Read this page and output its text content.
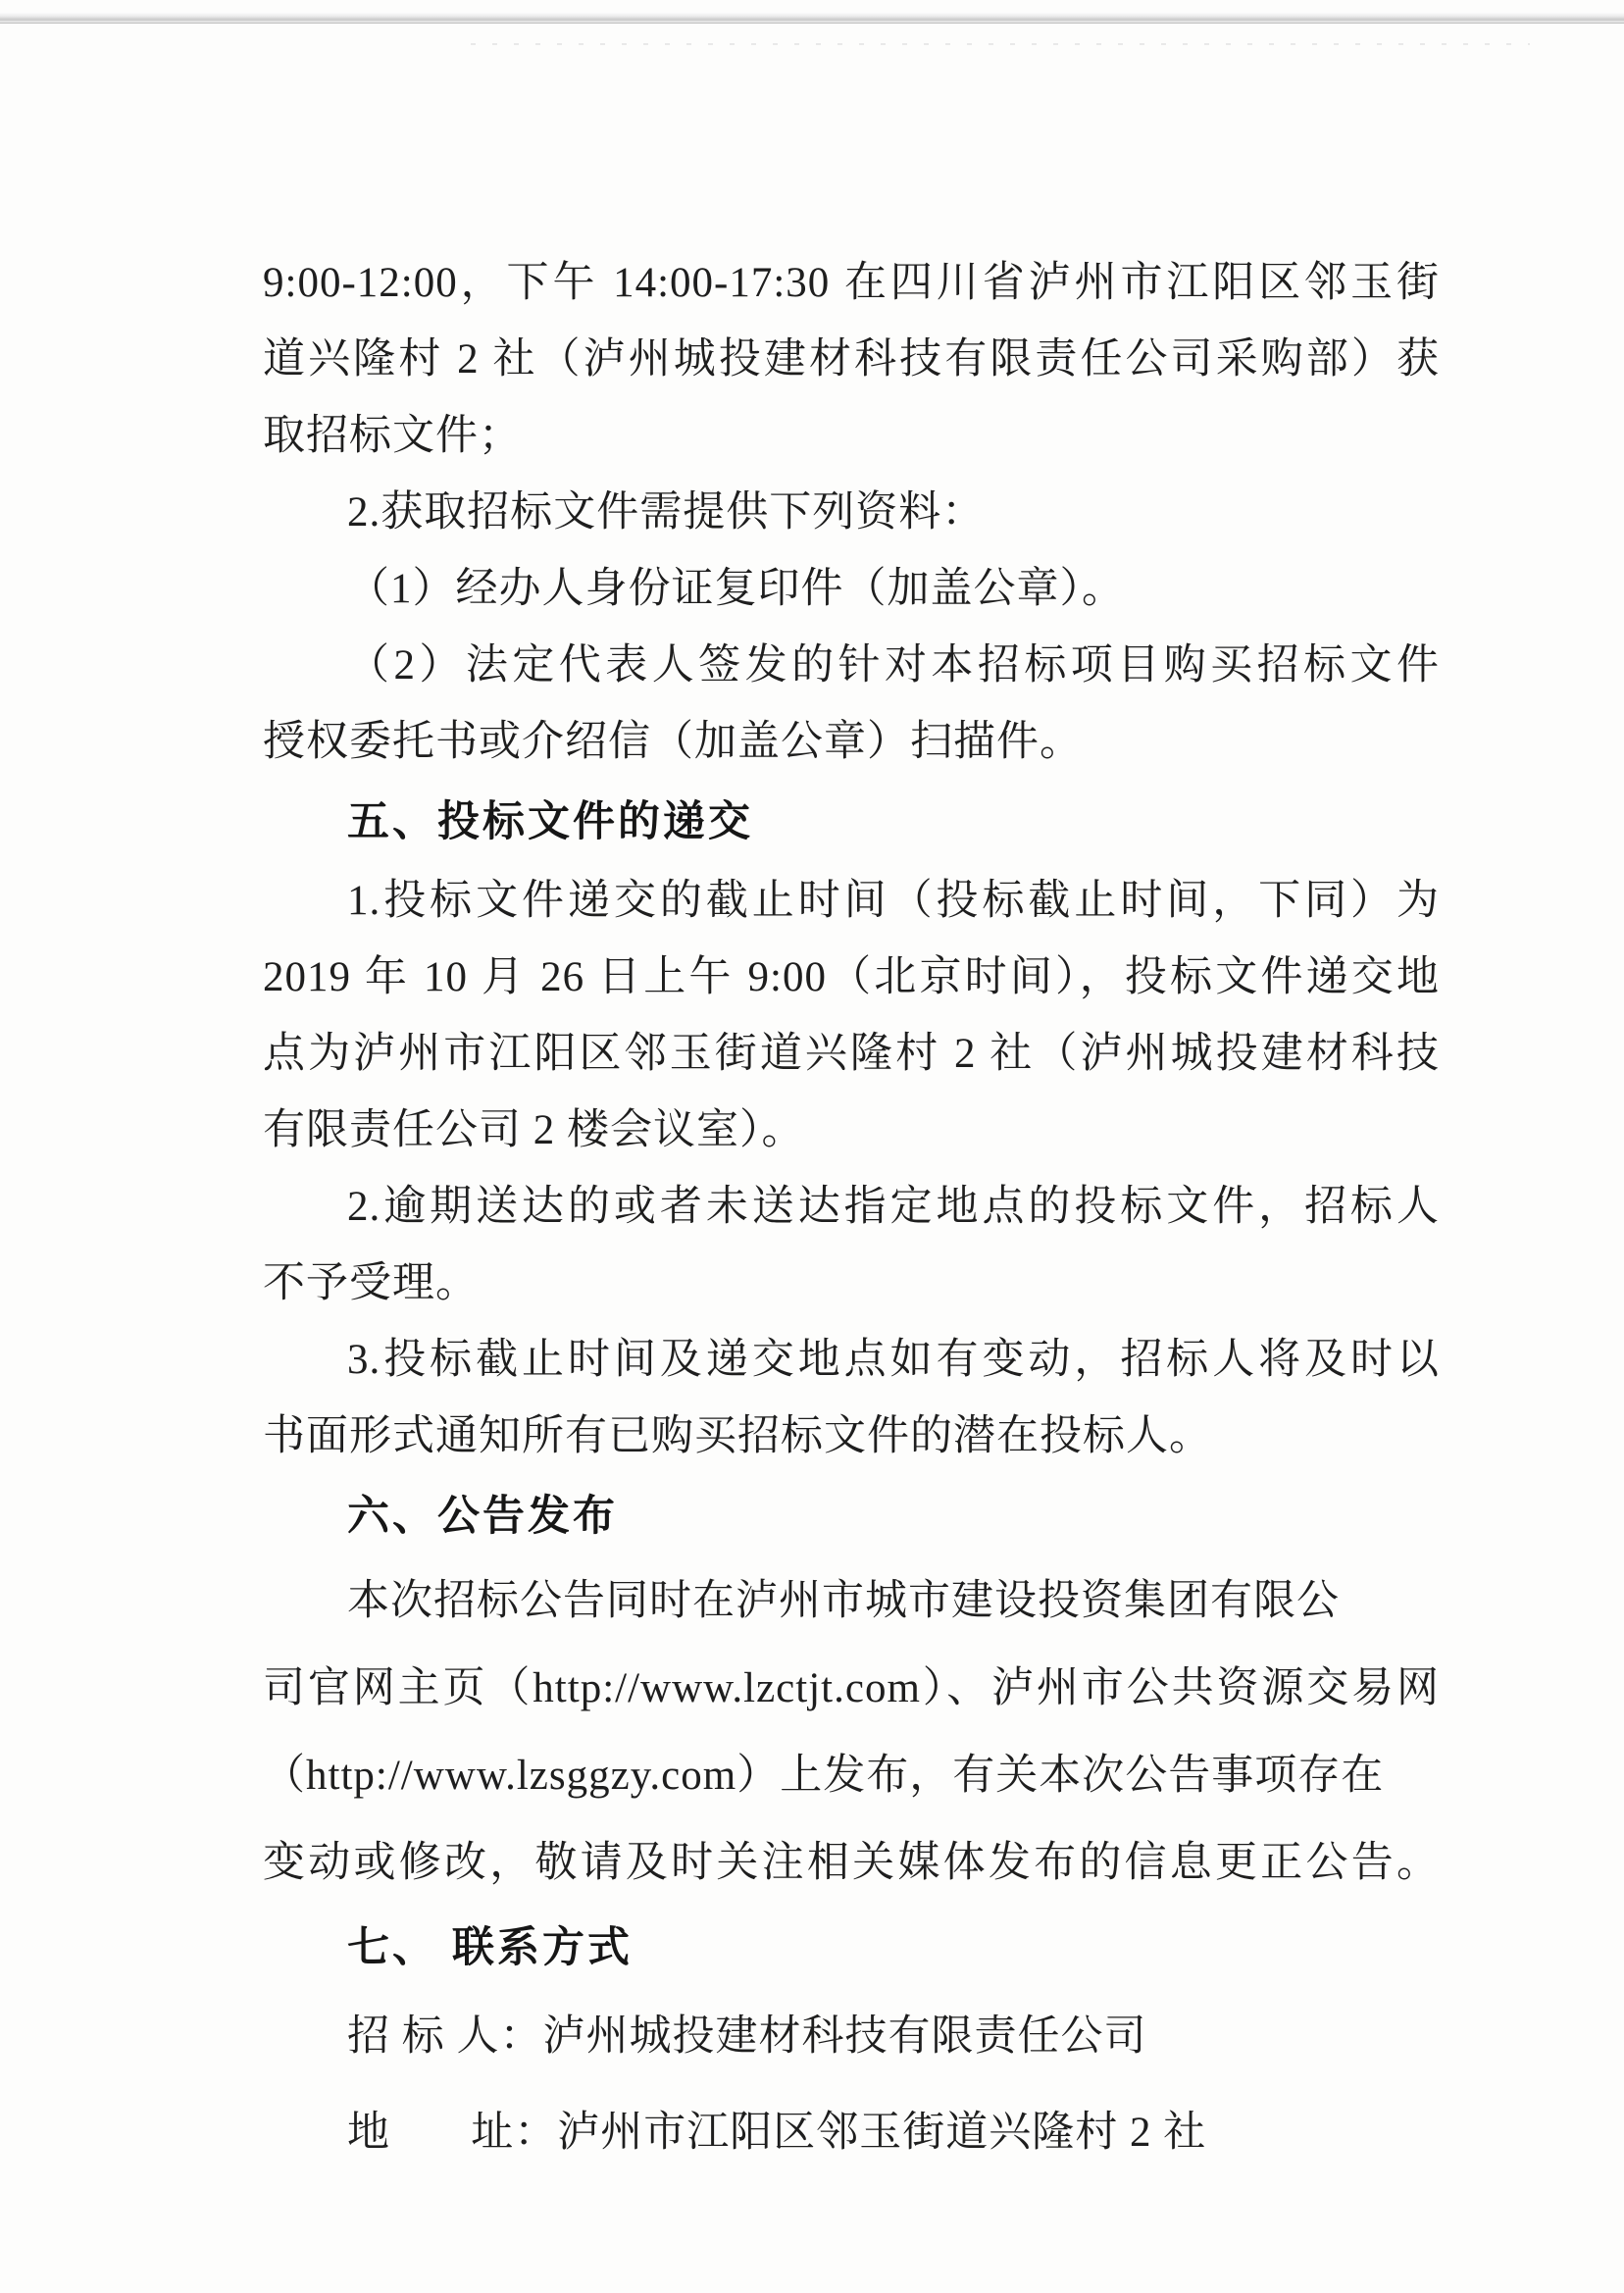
9:00-12:00，下午 14:00-17:30 在四川省泸州市江阳区邻玉街
道兴隆村 2 社（泸州城投建材科技有限责任公司采购部）获
取招标文件；
2.获取招标文件需提供下列资料：
（1）经办人身份证复印件（加盖公章）。
（2）法定代表人签发的针对本招标项目购买招标文件
授权委托书或介绍信（加盖公章）扫描件。
五、投标文件的递交
1.投标文件递交的截止时间（投标截止时间，下同）为
2019 年 10 月 26 日上午 9:00（北京时间），投标文件递交地
点为泸州市江阳区邻玉街道兴隆村 2 社（泸州城投建材科技
有限责任公司 2 楼会议室）。
2.逾期送达的或者未送达指定地点的投标文件，招标人
不予受理。
3.投标截止时间及递交地点如有变动，招标人将及时以
书面形式通知所有已购买招标文件的潜在投标人。
六、公告发布
本次招标公告同时在泸州市城市建设投资集团有限公
司官网主页（http://www.lzctjt.com）、泸州市公共资源交易网
（http://www.lzsggzy.com）上发布，有关本次公告事项存在
变动或修改，敬请及时关注相关媒体发布的信息更正公告。
七、 联系方式
招 标 人：泸州城投建材科技有限责任公司
地       址：泸州市江阳区邻玉街道兴隆村 2 社
